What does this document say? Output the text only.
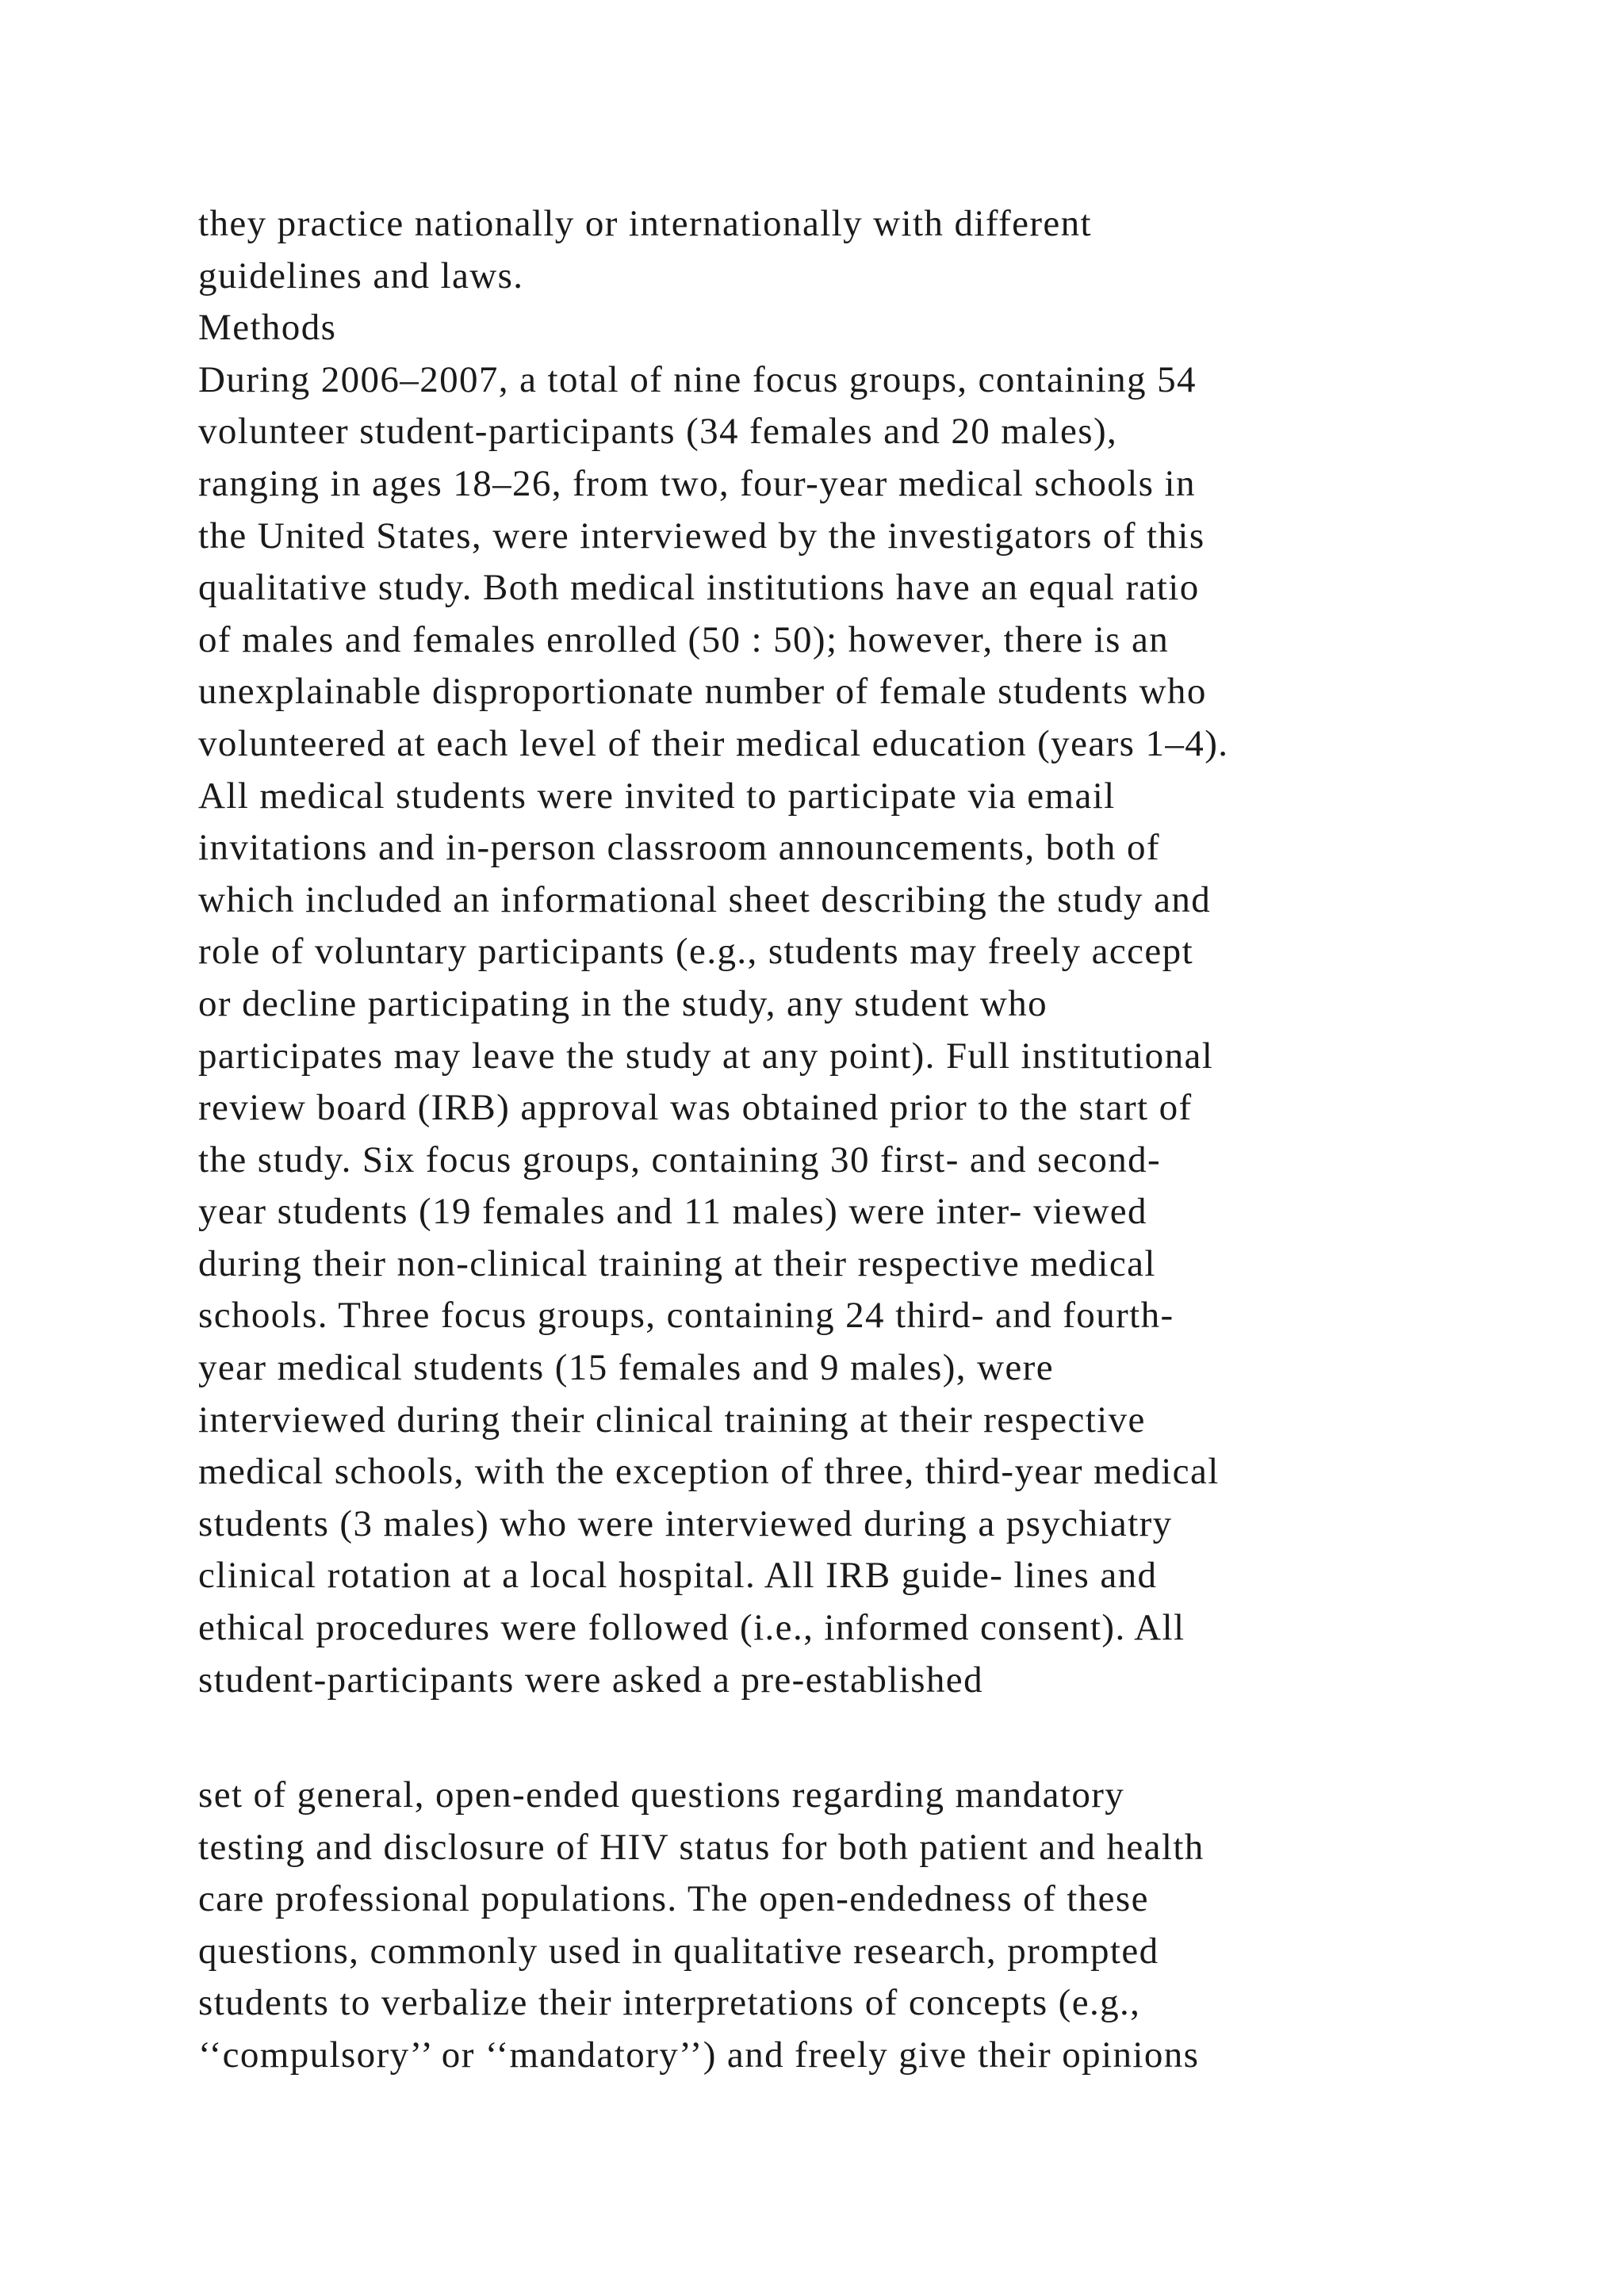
they practice nationally or internationally with different
guidelines and laws.
Methods
During 2006–2007, a total of nine focus groups, containing 54
volunteer student-participants (34 females and 20 males),
ranging in ages 18–26, from two, four-year medical schools in
the United States, were interviewed by the investigators of this
qualitative study. Both medical institutions have an equal ratio
of males and females enrolled (50 : 50); however, there is an
unexplainable disproportionate number of female students who
volunteered at each level of their medical education (years 1–4).
All medical students were invited to participate via email
invitations and in-person classroom announcements, both of
which included an informational sheet describing the study and
role of voluntary participants (e.g., students may freely accept
or decline participating in the study, any student who
participates may leave the study at any point). Full institutional
review board (IRB) approval was obtained prior to the start of
the study. Six focus groups, containing 30 first- and second-
year students (19 females and 11 males) were inter- viewed
during their non-clinical training at their respective medical
schools. Three focus groups, containing 24 third- and fourth-
year medical students (15 females and 9 males), were
interviewed during their clinical training at their respective
medical schools, with the exception of three, third-year medical
students (3 males) who were interviewed during a psychiatry
clinical rotation at a local hospital. All IRB guide- lines and
ethical procedures were followed (i.e., informed consent). All
student-participants were asked a pre-established
set of general, open-ended questions regarding mandatory
testing and disclosure of HIV status for both patient and health
care professional populations. The open-endedness of these
questions, commonly used in qualitative research, prompted
students to verbalize their interpretations of concepts (e.g.,
‘‘compulsory’’ or ‘‘mandatory’’) and freely give their opinions
